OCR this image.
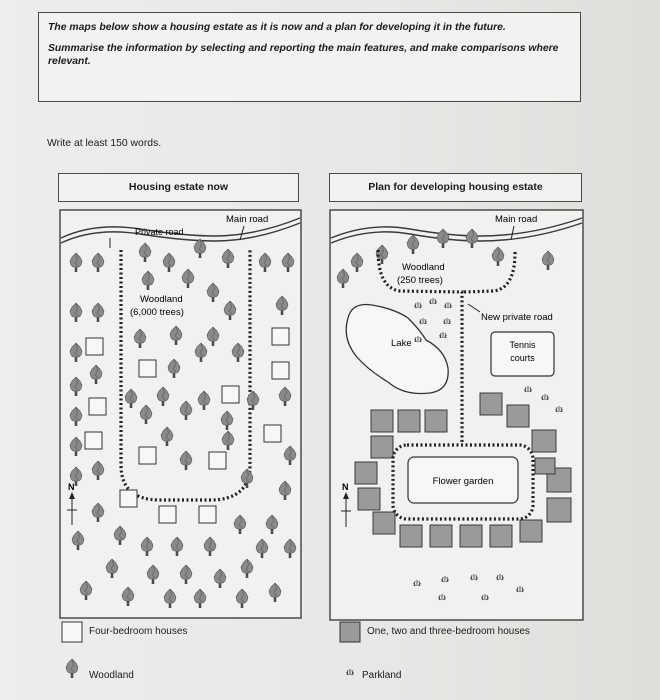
The maps below show a housing estate as it is now and a plan for developing it in the future.

Summarise the information by selecting and reporting the main features, and make comparisons where relevant.

Write at least 150 words.
Housing estate now	Plan for developing housing estate
Main road
Private road
Woodland
(6,000 trees)
N
Main road
Woodland
(250 trees)
New private road
Lake	Tennis
courts
Flower garden
N
Four-bedroom houses	One, two and three-bedroom houses
Woodland	Parkland
